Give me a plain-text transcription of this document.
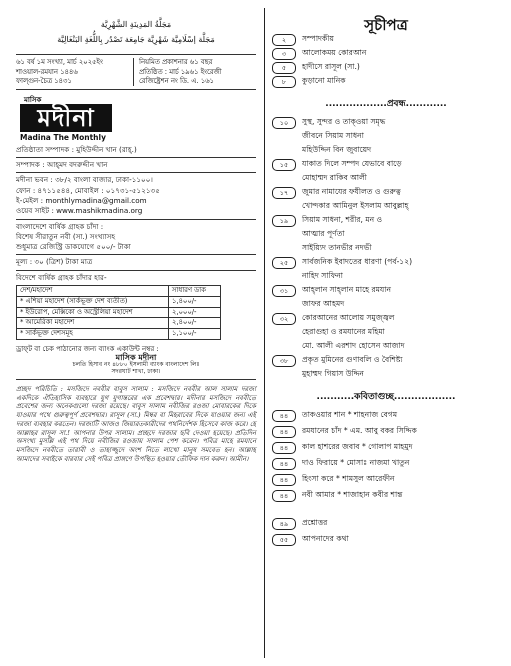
مَجَلَّةُ المَدِينَةِ الشَّهْرِيَّة
مَجَلَّة إسْلَامِيَّة شَهْرِيَّة جَامِعَة تَصْدُر بِاللُّغَةِ البَنْغَالِيَّة
৬১ বর্ষ ১ম সংখ্যা, মার্চ ২০২৫ইং
শাওয়াল-রমযান ১৪৪৬
ফাল্গুন-চৈত্র ১৪৩১
নিয়মিত প্রকাশনার ৬১ বছর
প্রতিষ্ঠিত : মার্চ ১৯৬১ ইংরেজী
রেজিষ্ট্রেশন নং ডি. এ. ১৬১
মাসিক
মদীনা
Madina The Monthly

প্রতিষ্ঠাতা সম্পাদক : মুহিউদ্দীন খান (রাহ্.)

সম্পাদক : আহ্‌মদ বদরুদ্দীন খান

মদীনা ভবন : ৩৮/২ বাংলা বাজার, ঢাকা-১১০০।

ফোন : ৪৭১১৫৪৪, মোবাইল : ০১৭৩১-৫১২১৩৫

ই-মেইল : monthlymadina@gmail.com

ওয়েব সাইট : www.mashikmadina.org

বাংলাদেশে বার্ষিক গ্রাহক চাঁদা :

বিশেষ সীরাতুন নবী (সা.) সংখ্যাসহ

শুধুমাত্র রেজিস্ট্রি ডাকযোগে ৫০০/- টাকা

মূল্য : ৩০ (ত্রিশ) টাকা মাত্র

বিদেশে বার্ষিক গ্রাহক চাঁদার হার-

দেশ/মহাদেশ	সাধারণ ডাক
* এশিয়া মহাদেশ (সার্কভূক্ত দেশ ব্যতীত)	১,৪০০/-
* ইউরোপ, মেক্সিকো ও অস্ট্রেলিয়া মহাদেশ	২,০০০/-
* আমেরিকা মহাদেশ	২,৪০০/-
* সার্কভূক্ত দেশসমূহ	১,১০০/-
ড্রাফ্‌ট বা চেক পাঠানোর জন্য ব্যাংক একাউন্ট নম্বর :
মাসিক মদীনা
চলতি হিসাব নং ৪৮৮০ ইসলামী ব্যাংক বাংলাদেশ লিঃ
সদরঘাট শাখা, ঢাকা।
প্রচ্ছদ পরিচিতি : মসজিদে নববীর বাবুস সালাম : মসজিদে নববীর আল সালাম দরজা একদিকে ঐতিহাসিক ব্যবহারে যুগ যুগান্তরের এক প্রবেশদ্বার। মদীনার মসজিদে নববীতে প্রবেশের জন্য অনেকগুলো দরজা রয়েছে। বাবুস সালাম নবীজির রওজা মোবারকের দিকে যাওয়ার পথে গুরুত্বপূর্ণ প্রবেশদ্বার। রাসূল (সা.) মিম্বর বা মিহরাবের দিকে যাওয়ার জন্য এই দরজা ব্যবহার করতেন। দরজাটি আজও জিয়ারতকারীদের পথনির্দেশক হিসেবে কাজ করে। হে আল্লাহর রাসূল সা.! আপনার উপর সালাম। প্রচ্ছদে দরজার ছবি দেওয়া হয়েছে। প্রতিদিন অসংখ্য মুসল্লি এই পথ দিয়ে নবীজির রওজায় সালাম পেশ করেন। পবিত্র মাহে রমযানে মসজিদে নববীতে তারাবী ও তাহাজ্জুদে অংশ নিতে লাখো মানুষ সমবেত হন। আল্লাহ আমাদের সবাইকে বারবার সেই পবিত্র প্রাঙ্গণে উপস্থিত হওয়ার তৌফিক দান করুন। আমীন।
সূচীপত্র
২	সম্পাদকীয়
৩	আলোকময় কোরআন
৫	হাদীসে রাসূল (সা.)
৮	কুড়ানো মানিক
..................প্রবন্ধ............
১০	সুস্থ, সুন্দর ও তাক্ওয়া সমৃদ্ধ
জীবনে সিয়াম সাধনা
মহিউদ্দিন বিন জুবায়েদ
১৫	যাকাত দিলে সম্পদ যেভাবে বাড়ে
মোহাম্মদ রাকিব আলী
১৭	জুমার নামাযের ফযীলত ও গুরুত্ব
খোন্দকার আমিনুল ইসলাম আবুল্লাহ্
১৯	সিয়াম সাধনা, শরীর, মন ও
আত্মার পূর্ণতা
সাইয়্যিদ তানভীর নদভী
২৫	সার্বজনিক ইবাদতের ধারণা (পর্ব-১২)
নাহিদ সাফিনা
৩১	আহ্‌লান সাহ্‌লান মাহে রমযান
জাফর আহমদ
৩২	কোরআনের আলোয় সমুজ্জ্বল
হেরাগুহা ও রমযানের মহিমা
মো. আলী এরশাদ হোসেন আজাদ
৩৮	প্রকৃত মুমিনের গুণাবলি ও বৈশিষ্ট্য
মুহাম্মদ গিয়াস উদ্দিন
...........কবিতাগুচ্ছ..................
৪৪	তাকওয়ার শান * শাহনাজ বেগম
৪৪	রমযানের চাঁদ * এম. আবু বকর সিদ্দিক
৪৪	কাল হাশরের জবাব * গোলাপ মাহমুদ
৪৪	দাও ফিরায়ে * মোসাঃ নাজমা খাতুন
৪৪	হিংসা করে * শামসুল আরেফীন
৪৪	নবী আমার * শাজাহান কবীর শান্ত
৪৯	প্রশ্নোত্তর
৫৫	আপনাদের কথা
